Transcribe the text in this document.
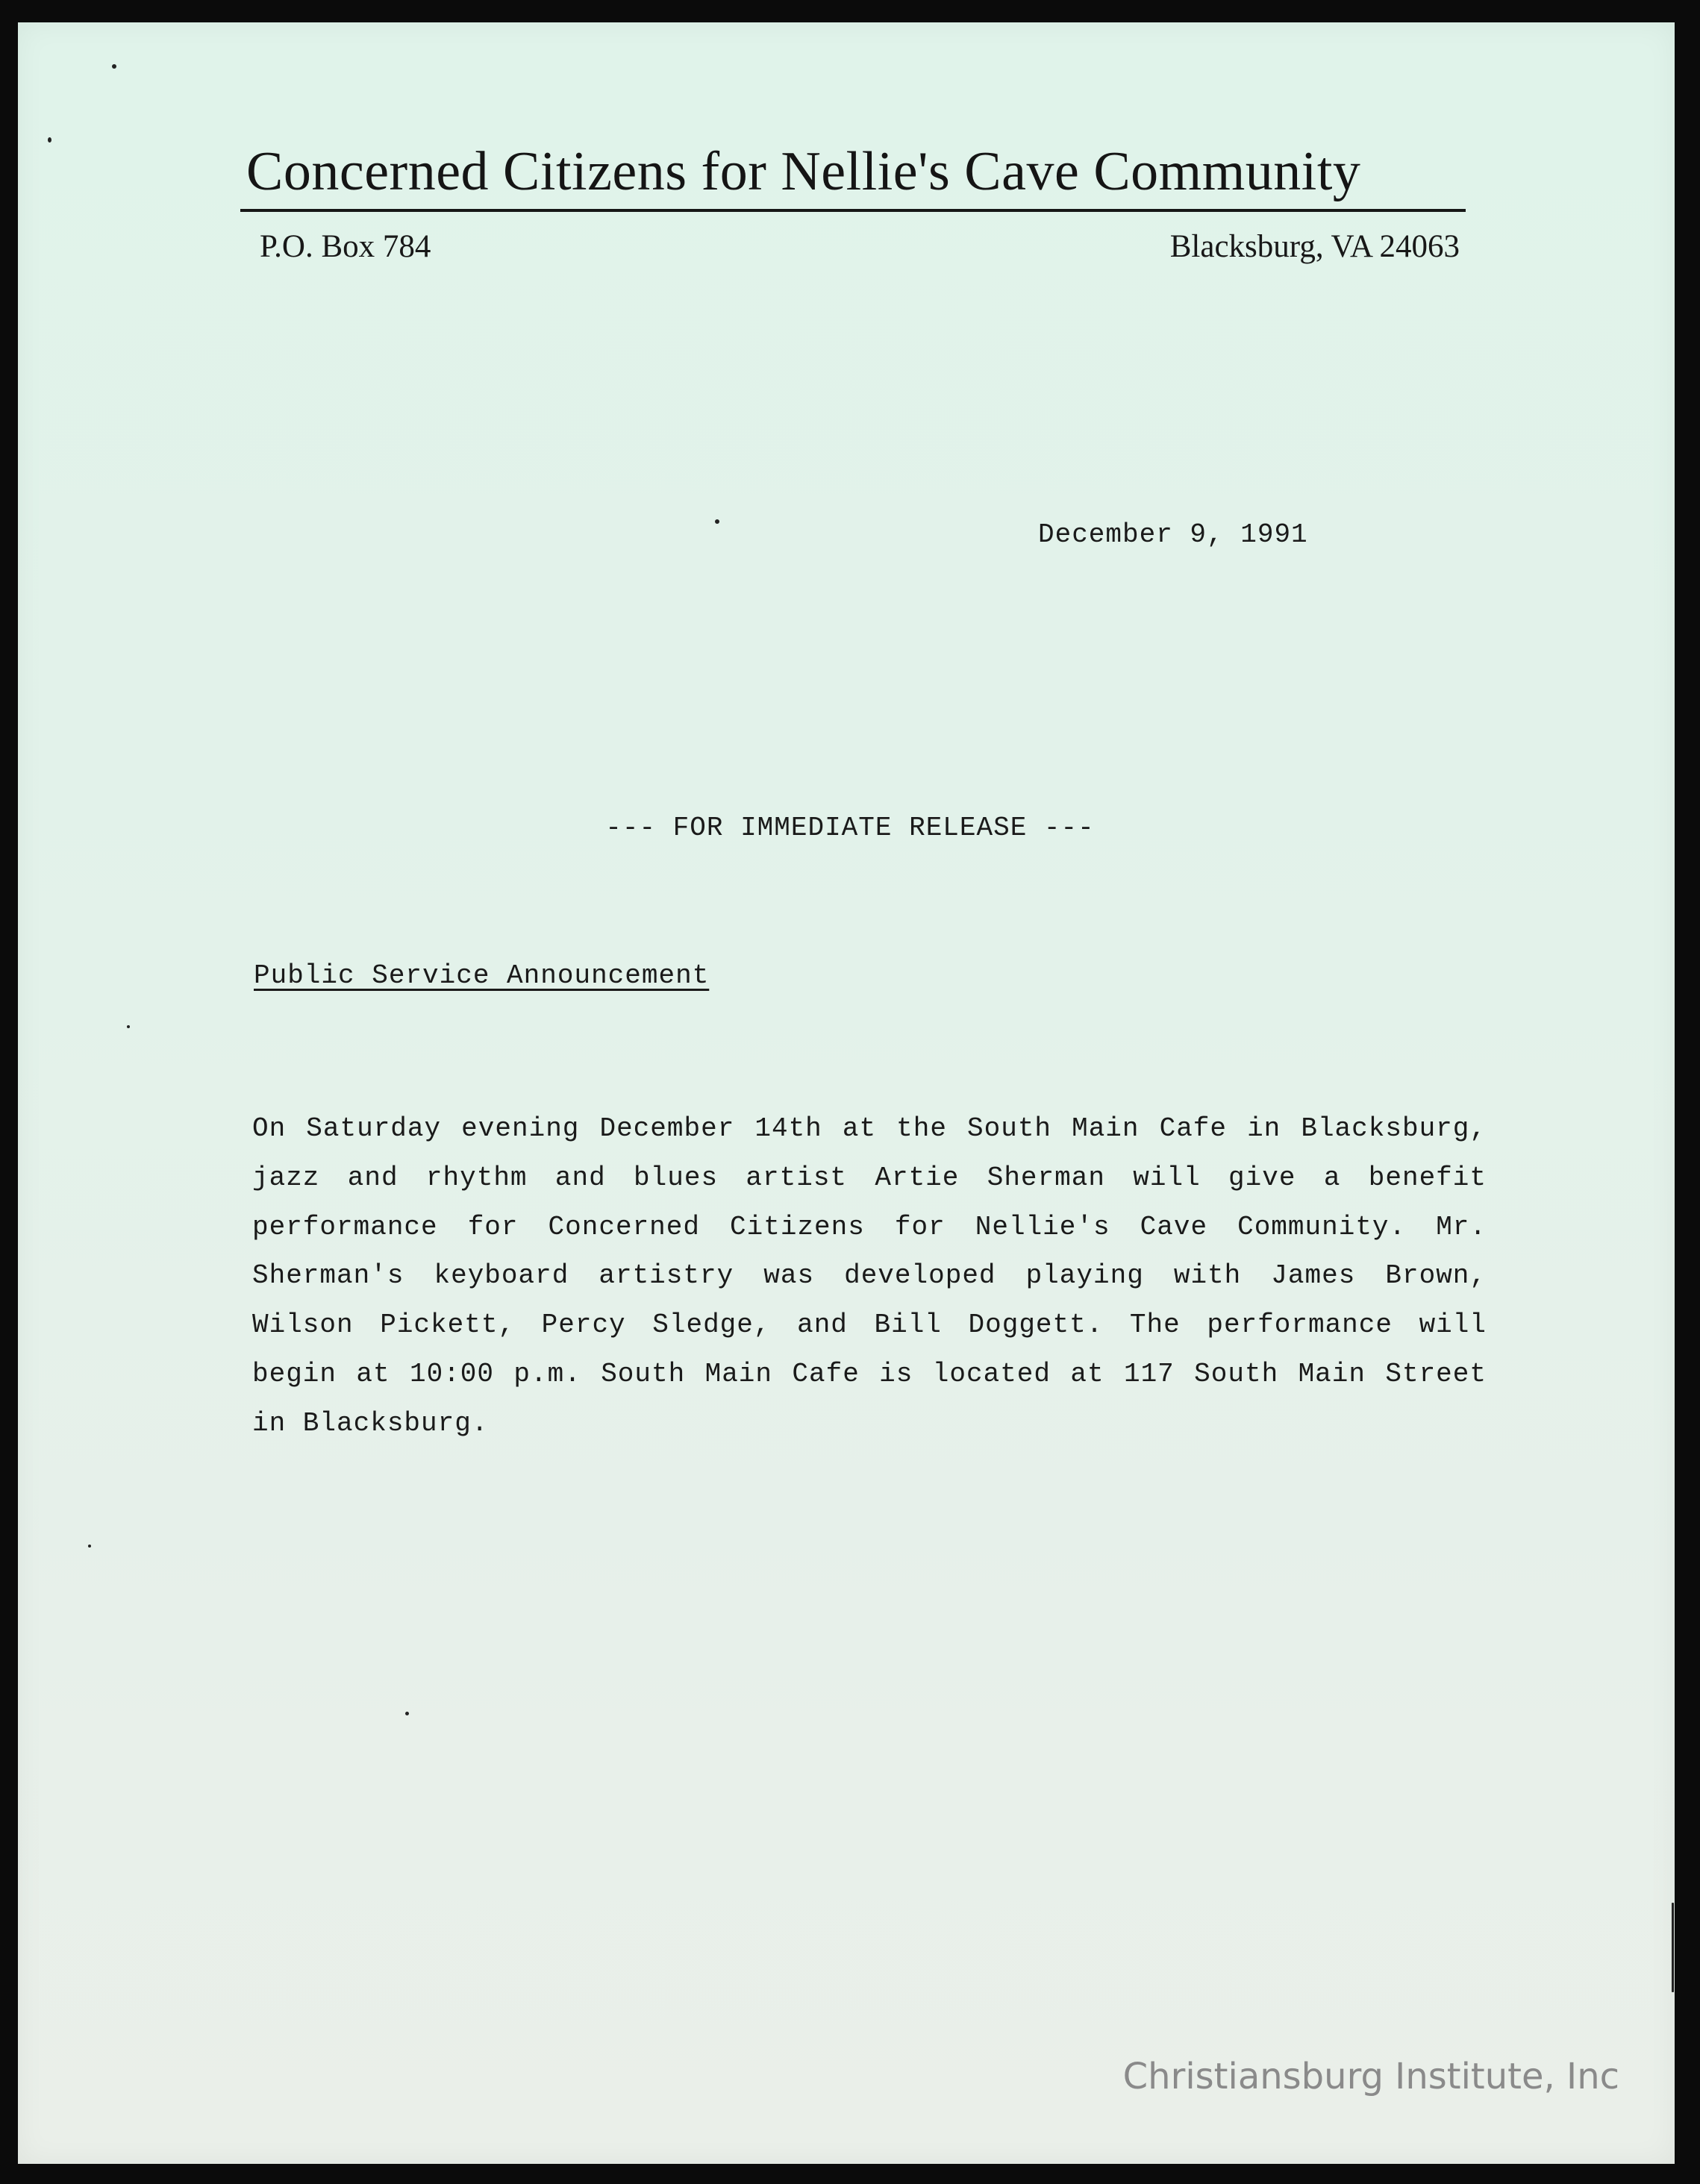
Concerned Citizens for Nellie's Cave Community
P.O. Box 784	Blacksburg, VA 24063
December 9, 1991
--- FOR IMMEDIATE RELEASE ---
Public Service Announcement
On Saturday evening December 14th at the South Main Cafe in Blacksburg, jazz and rhythm and blues artist Artie Sherman will give a benefit performance for Concerned Citizens for Nellie's Cave Community. Mr. Sherman's keyboard artistry was developed playing with James Brown, Wilson Pickett, Percy Sledge, and Bill Doggett. The performance will begin at 10:00 p.m. South Main Cafe is located at 117 South Main Street in Blacksburg.
Christiansburg Institute, Inc
